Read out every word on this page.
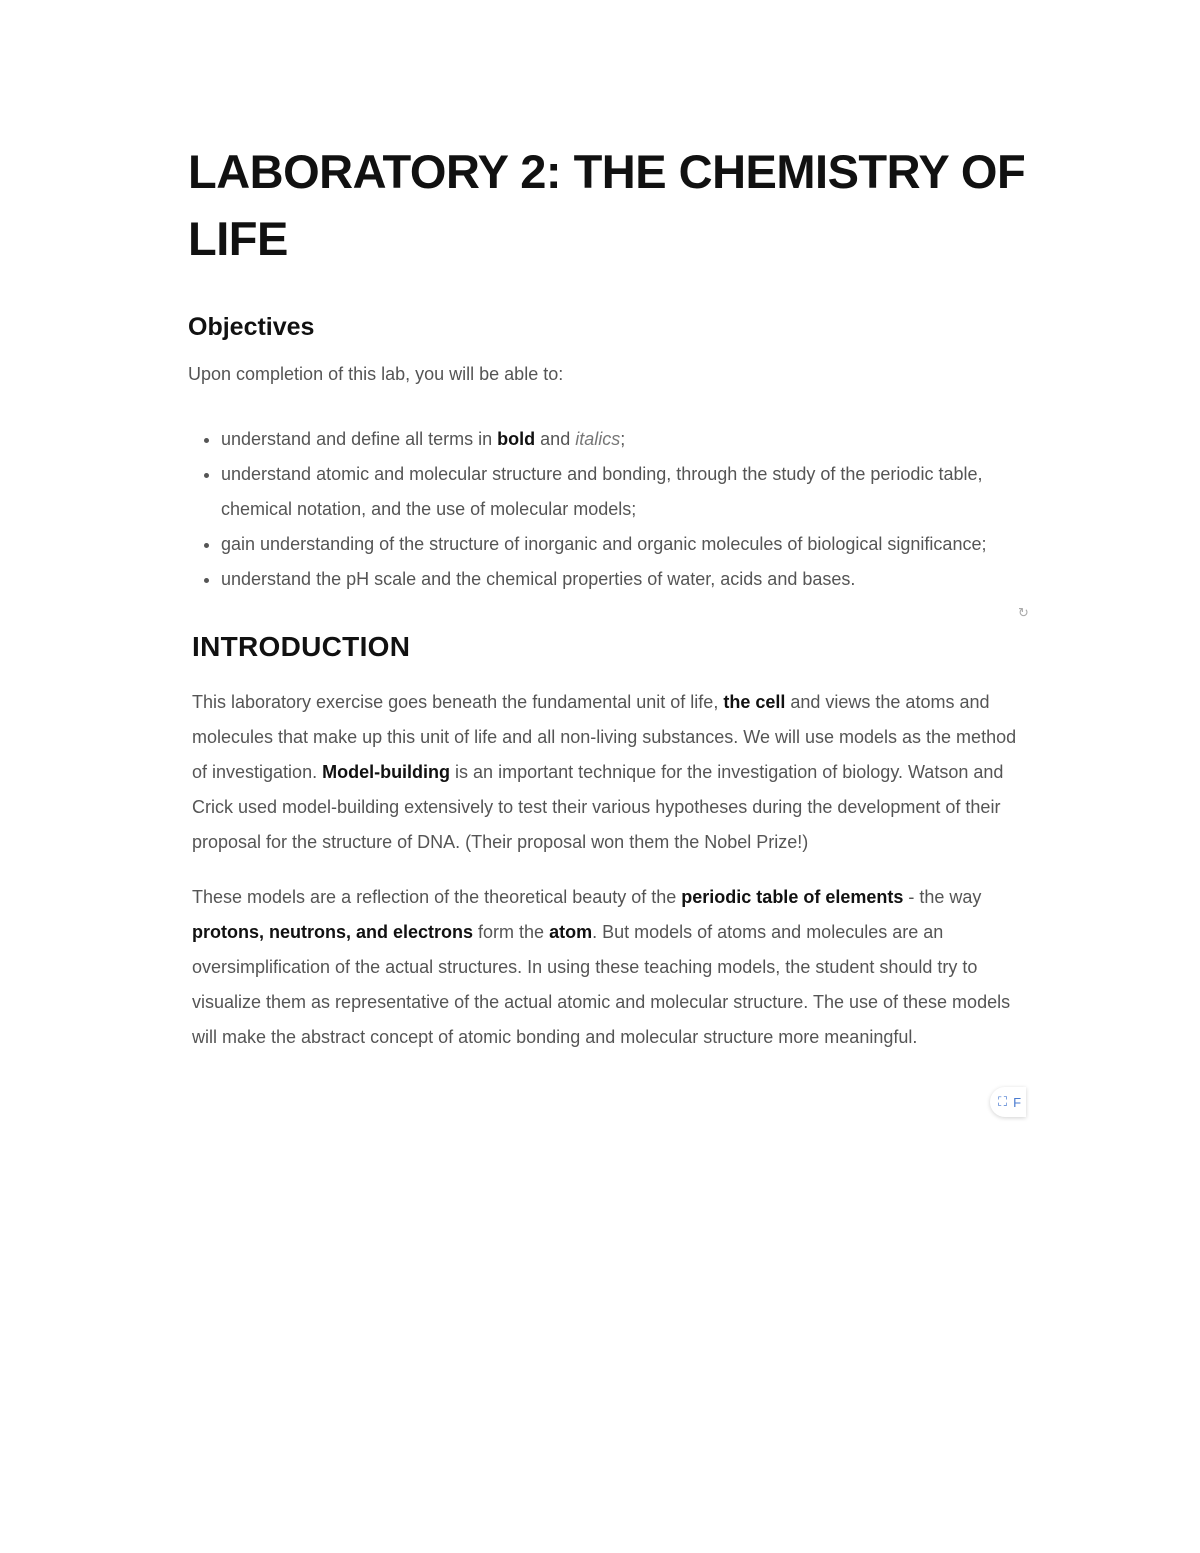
LABORATORY 2: THE CHEMISTRY OF LIFE
Objectives

Upon completion of this lab, you will be able to:

• understand and define all terms in bold and italics;
• understand atomic and molecular structure and bonding, through the study of the periodic table, chemical notation, and the use of molecular models;
• gain understanding of the structure of inorganic and organic molecules of biological significance;
• understand the pH scale and the chemical properties of water, acids and bases.
INTRODUCTION

This laboratory exercise goes beneath the fundamental unit of life, the cell and views the atoms and molecules that make up this unit of life and all non-living substances. We will use models as the method of investigation. Model-building is an important technique for the investigation of biology. Watson and Crick used model-building extensively to test their various hypotheses during the development of their proposal for the structure of DNA. (Their proposal won them the Nobel Prize!)

These models are a reflection of the theoretical beauty of the periodic table of elements - the way protons, neutrons, and electrons form the atom. But models of atoms and molecules are an oversimplification of the actual structures. In using these teaching models, the student should try to visualize them as representative of the actual atomic and molecular structure. The use of these models will make the abstract concept of atomic bonding and molecular structure more meaningful.

↻
⛶ F
